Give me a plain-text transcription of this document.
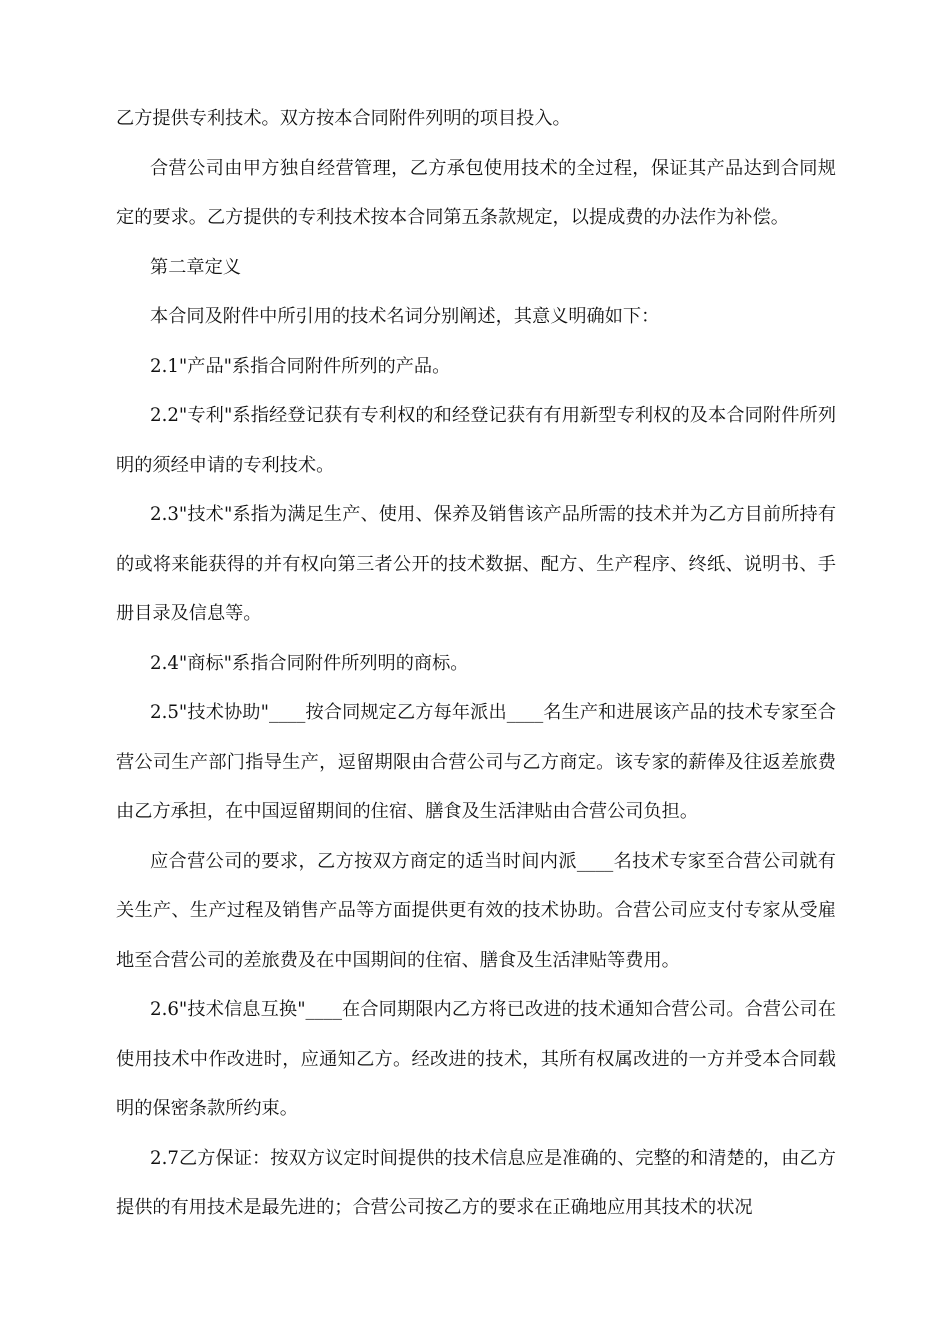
乙方提供专利技术。双方按本合同附件列明的项目投入。

合营公司由甲方独自经营管理，乙方承包使用技术的全过程，保证其产品达到合同规定的要求。乙方提供的专利技术按本合同第五条款规定，以提成费的办法作为补偿。

第二章定义

本合同及附件中所引用的技术名词分别阐述，其意义明确如下：

2.1"产品"系指合同附件所列的产品。

2.2"专利"系指经登记获有专利权的和经登记获有有用新型专利权的及本合同附件所列明的须经申请的专利技术。

2.3"技术"系指为满足生产、使用、保养及销售该产品所需的技术并为乙方目前所持有的或将来能获得的并有权向第三者公开的技术数据、配方、生产程序、终纸、说明书、手册目录及信息等。

2.4"商标"系指合同附件所列明的商标。

2.5"技术协助"____按合同规定乙方每年派出____名生产和进展该产品的技术专家至合营公司生产部门指导生产，逗留期限由合营公司与乙方商定。该专家的薪俸及往返差旅费由乙方承担，在中国逗留期间的住宿、膳食及生活津贴由合营公司负担。

应合营公司的要求，乙方按双方商定的适当时间内派____名技术专家至合营公司就有关生产、生产过程及销售产品等方面提供更有效的技术协助。合营公司应支付专家从受雇地至合营公司的差旅费及在中国期间的住宿、膳食及生活津贴等费用。

2.6"技术信息互换"____在合同期限内乙方将已改进的技术通知合营公司。合营公司在使用技术中作改进时，应通知乙方。经改进的技术，其所有权属改进的一方并受本合同载明的保密条款所约束。

2.7乙方保证：按双方议定时间提供的技术信息应是准确的、完整的和清楚的，由乙方提供的有用技术是最先进的；合营公司按乙方的要求在正确地应用其技术的状况
